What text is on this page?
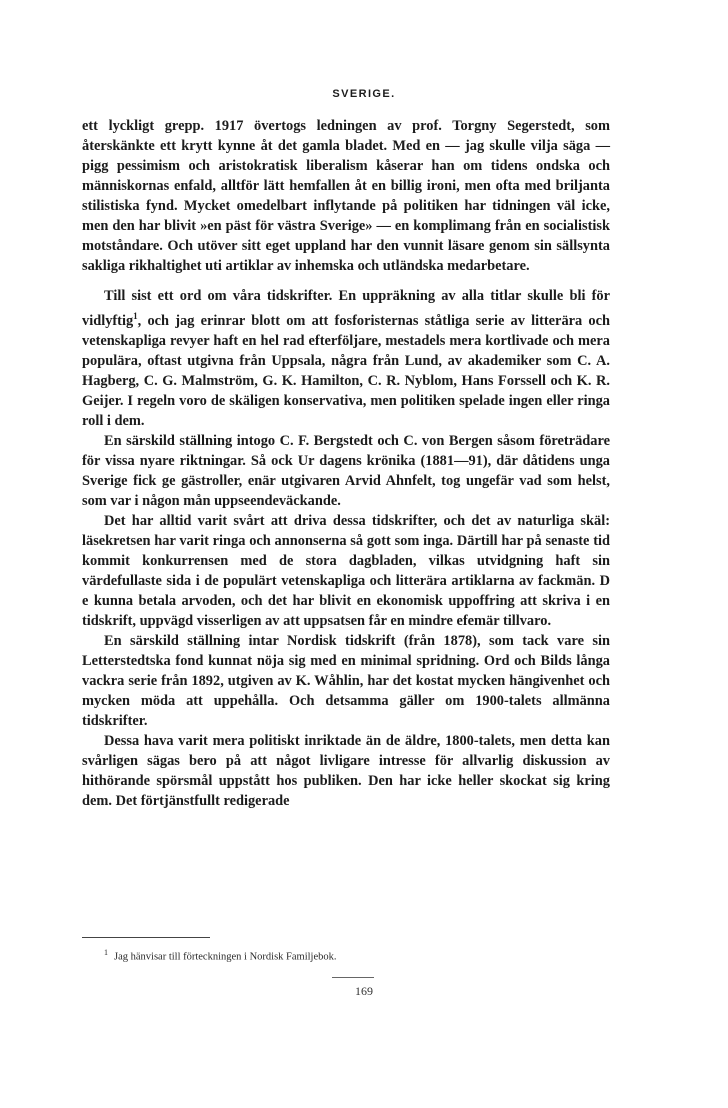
SVERIGE.

ett lyckligt grepp. 1917 övertogs ledningen av prof. Torgny Segerstedt, som återskänkte ett krytt kynne åt det gamla bladet. Med en — jag skulle vilja säga — pigg pessimism och aristokratisk liberalism kåserar han om tidens ondska och människornas enfald, alltför lätt hemfallen åt en billig ironi, men ofta med briljanta stilistiska fynd. Mycket omedelbart inflytande på politiken har tidningen väl icke, men den har blivit »en päst för västra Sverige» — en komplimang från en socialistisk motståndare. Och utöver sitt eget uppland har den vunnit läsare genom sin sällsynta sakliga rikhaltighet uti artiklar av inhemska och utländska medarbetare.

Till sist ett ord om våra tidskrifter. En uppräkning av alla titlar skulle bli för vidlyftig$^1$, och jag erinrar blott om att fosforisternas ståtliga serie av litterära och vetenskapliga revyer haft en hel rad efterföljare, mestadels mera kortlivade och mera populära, oftast utgivna från Uppsala, några från Lund, av akademiker som C. A. Hagberg, C. G. Malmström, G. K. Hamilton, C. R. Nyblom, Hans Forssell och K. R. Geijer. I regeln voro de skäligen konservativa, men politiken spelade ingen eller ringa roll i dem.

En särskild ställning intogo C. F. Bergstedt och C. von Bergen såsom företrädare för vissa nyare riktningar. Så ock Ur dagens krönika (1881—91), där dåtidens unga Sverige fick ge gästroller, enär utgivaren Arvid Ahnfelt, tog ungefär vad som helst, som var i någon mån uppseendeväckande.

Det har alltid varit svårt att driva dessa tidskrifter, och det av naturliga skäl: läsekretsen har varit ringa och annonserna så gott som inga. Därtill har på senaste tid kommit konkurrensen med de stora dagbladen, vilkas utvidgning haft sin värdefullaste sida i de populärt vetenskapliga och litterära artiklarna av fackmän. D e kunna betala arvoden, och det har blivit en ekonomisk uppoffring att skriva i en tidskrift, uppvägd visserligen av att uppsatsen får en mindre efemär tillvaro.

En särskild ställning intar Nordisk tidskrift (från 1878), som tack vare sin Letterstedtska fond kunnat nöja sig med en minimal spridning. Ord och Bilds långa vackra serie från 1892, utgiven av K. Wåhlin, har det kostat mycken hängivenhet och mycken möda att uppehålla. Och detsamma gäller om 1900-talets allmänna tidskrifter.

Dessa hava varit mera politiskt inriktade än de äldre, 1800-talets, men detta kan svårligen sägas bero på att något livligare intresse för allvarlig diskussion av hithörande spörsmål uppstått hos publiken. Den har icke heller skockat sig kring dem. Det förtjänstfullt redigerade

$^1$ Jag hänvisar till förteckningen i Nordisk Familjebok.
169
